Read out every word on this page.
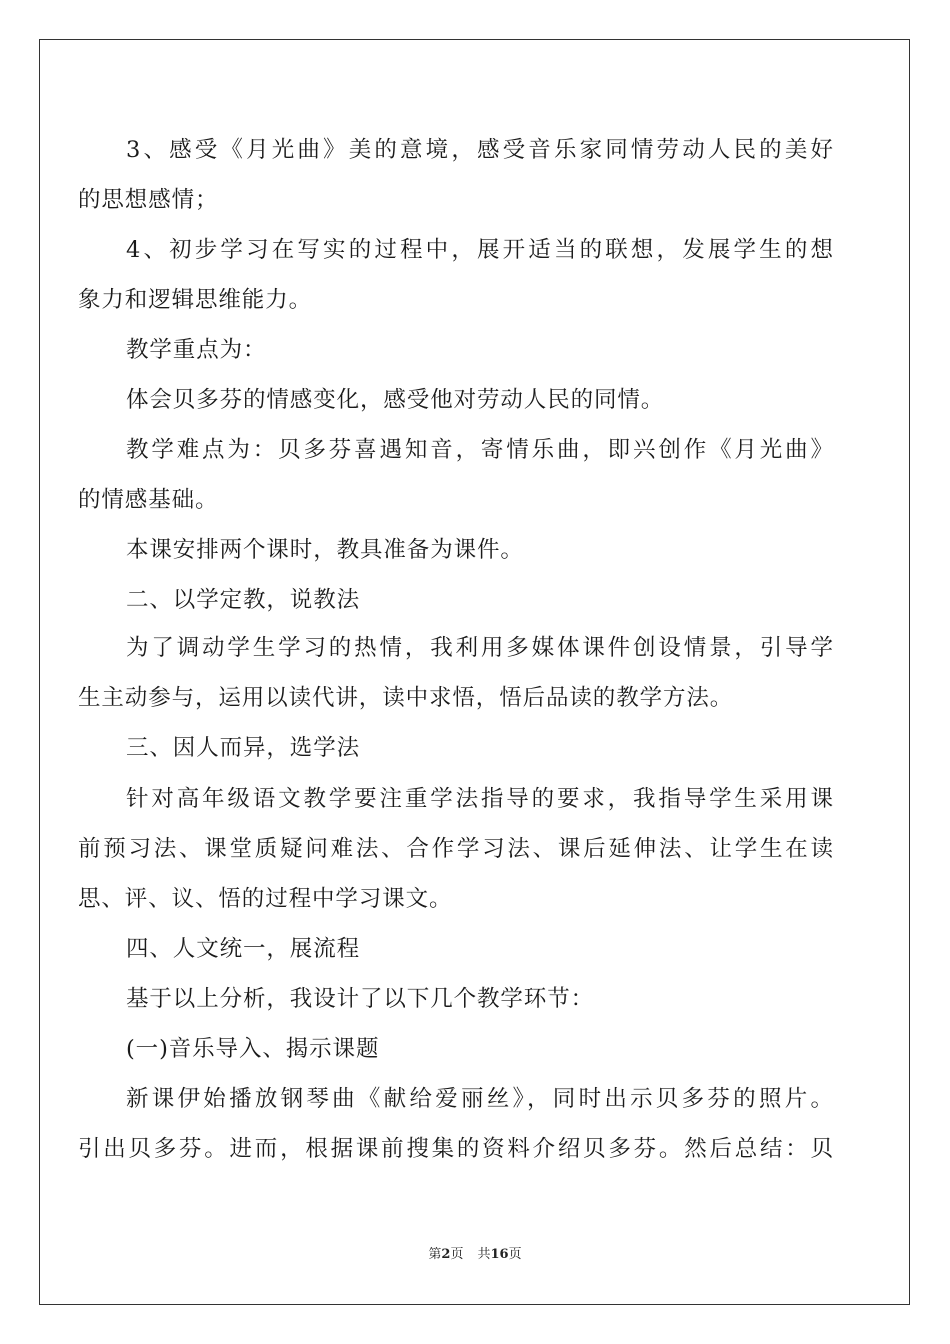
3、感受《月光曲》美的意境，感受音乐家同情劳动人民的美好
的思想感情；
4、初步学习在写实的过程中，展开适当的联想，发展学生的想
象力和逻辑思维能力。
教学重点为：
体会贝多芬的情感变化，感受他对劳动人民的同情。
教学难点为：贝多芬喜遇知音，寄情乐曲，即兴创作《月光曲》
的情感基础。
本课安排两个课时，教具准备为课件。
二、以学定教，说教法
为了调动学生学习的热情，我利用多媒体课件创设情景，引导学
生主动参与，运用以读代讲，读中求悟，悟后品读的教学方法。
三、因人而异，选学法
针对高年级语文教学要注重学法指导的要求，我指导学生采用课
前预习法、课堂质疑问难法、合作学习法、课后延伸法、让学生在读
思、评、议、悟的过程中学习课文。
四、人文统一，展流程
基于以上分析，我设计了以下几个教学环节：
(一)音乐导入、揭示课题
新课伊始播放钢琴曲《献给爱丽丝》，同时出示贝多芬的照片。
引出贝多芬。进而，根据课前搜集的资料介绍贝多芬。然后总结：贝
第2页 共16页
